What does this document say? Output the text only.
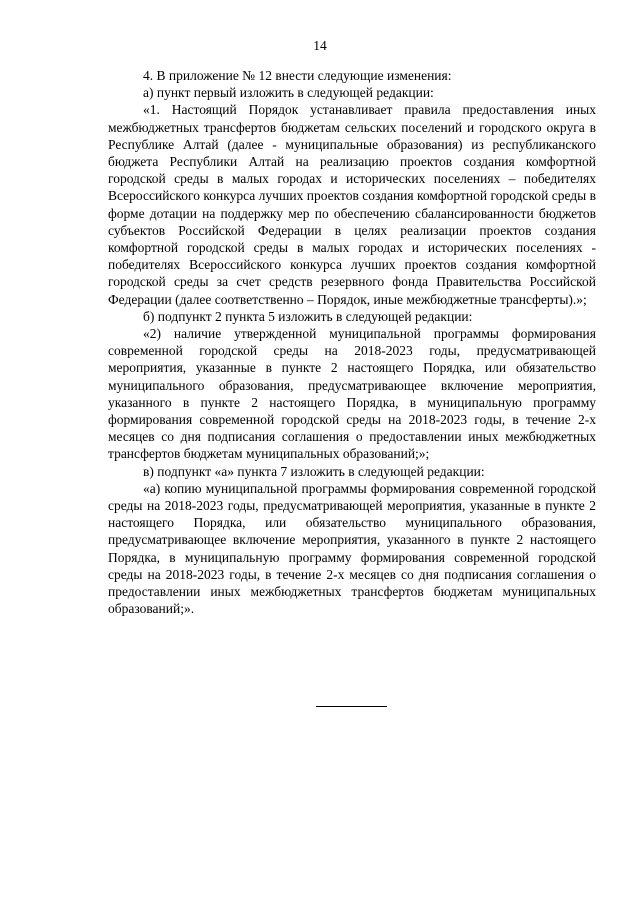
14

4. В приложение № 12 внести следующие изменения:

а) пункт первый изложить в следующей редакции:

«1. Настоящий Порядок устанавливает правила предоставления иных межбюджетных трансфертов бюджетам сельских поселений и городского округа в Республике Алтай (далее - муниципальные образования) из республиканского бюджета Республики Алтай на реализацию проектов создания комфортной городской среды в малых городах и исторических поселениях – победителях Всероссийского конкурса лучших проектов создания комфортной городской среды в форме дотации на поддержку мер по обеспечению сбалансированности бюджетов субъектов Российской Федерации в целях реализации проектов создания комфортной городской среды в малых городах и исторических поселениях - победителях Всероссийского конкурса лучших проектов создания комфортной городской среды за счет средств резервного фонда Правительства Российской Федерации (далее соответственно – Порядок, иные межбюджетные трансферты).»;

б) подпункт 2 пункта 5 изложить в следующей редакции:

«2) наличие утвержденной муниципальной программы формирования современной городской среды на 2018-2023 годы, предусматривающей мероприятия, указанные в пункте 2 настоящего Порядка, или обязательство муниципального образования, предусматривающее включение мероприятия, указанного в пункте 2 настоящего Порядка, в муниципальную программу формирования современной городской среды на 2018-2023 годы, в течение 2-х месяцев со дня подписания соглашения о предоставлении иных межбюджетных трансфертов бюджетам муниципальных образований;»;

в) подпункт «а» пункта 7 изложить в следующей редакции:

«а) копию муниципальной программы формирования современной городской среды на 2018-2023 годы, предусматривающей мероприятия, указанные в пункте 2 настоящего Порядка, или обязательство муниципального образования, предусматривающее включение мероприятия, указанного в пункте 2 настоящего Порядка, в муниципальную программу формирования современной городской среды на 2018-2023 годы, в течение 2-х месяцев со дня подписания соглашения о предоставлении иных межбюджетных трансфертов бюджетам муниципальных образований;».
